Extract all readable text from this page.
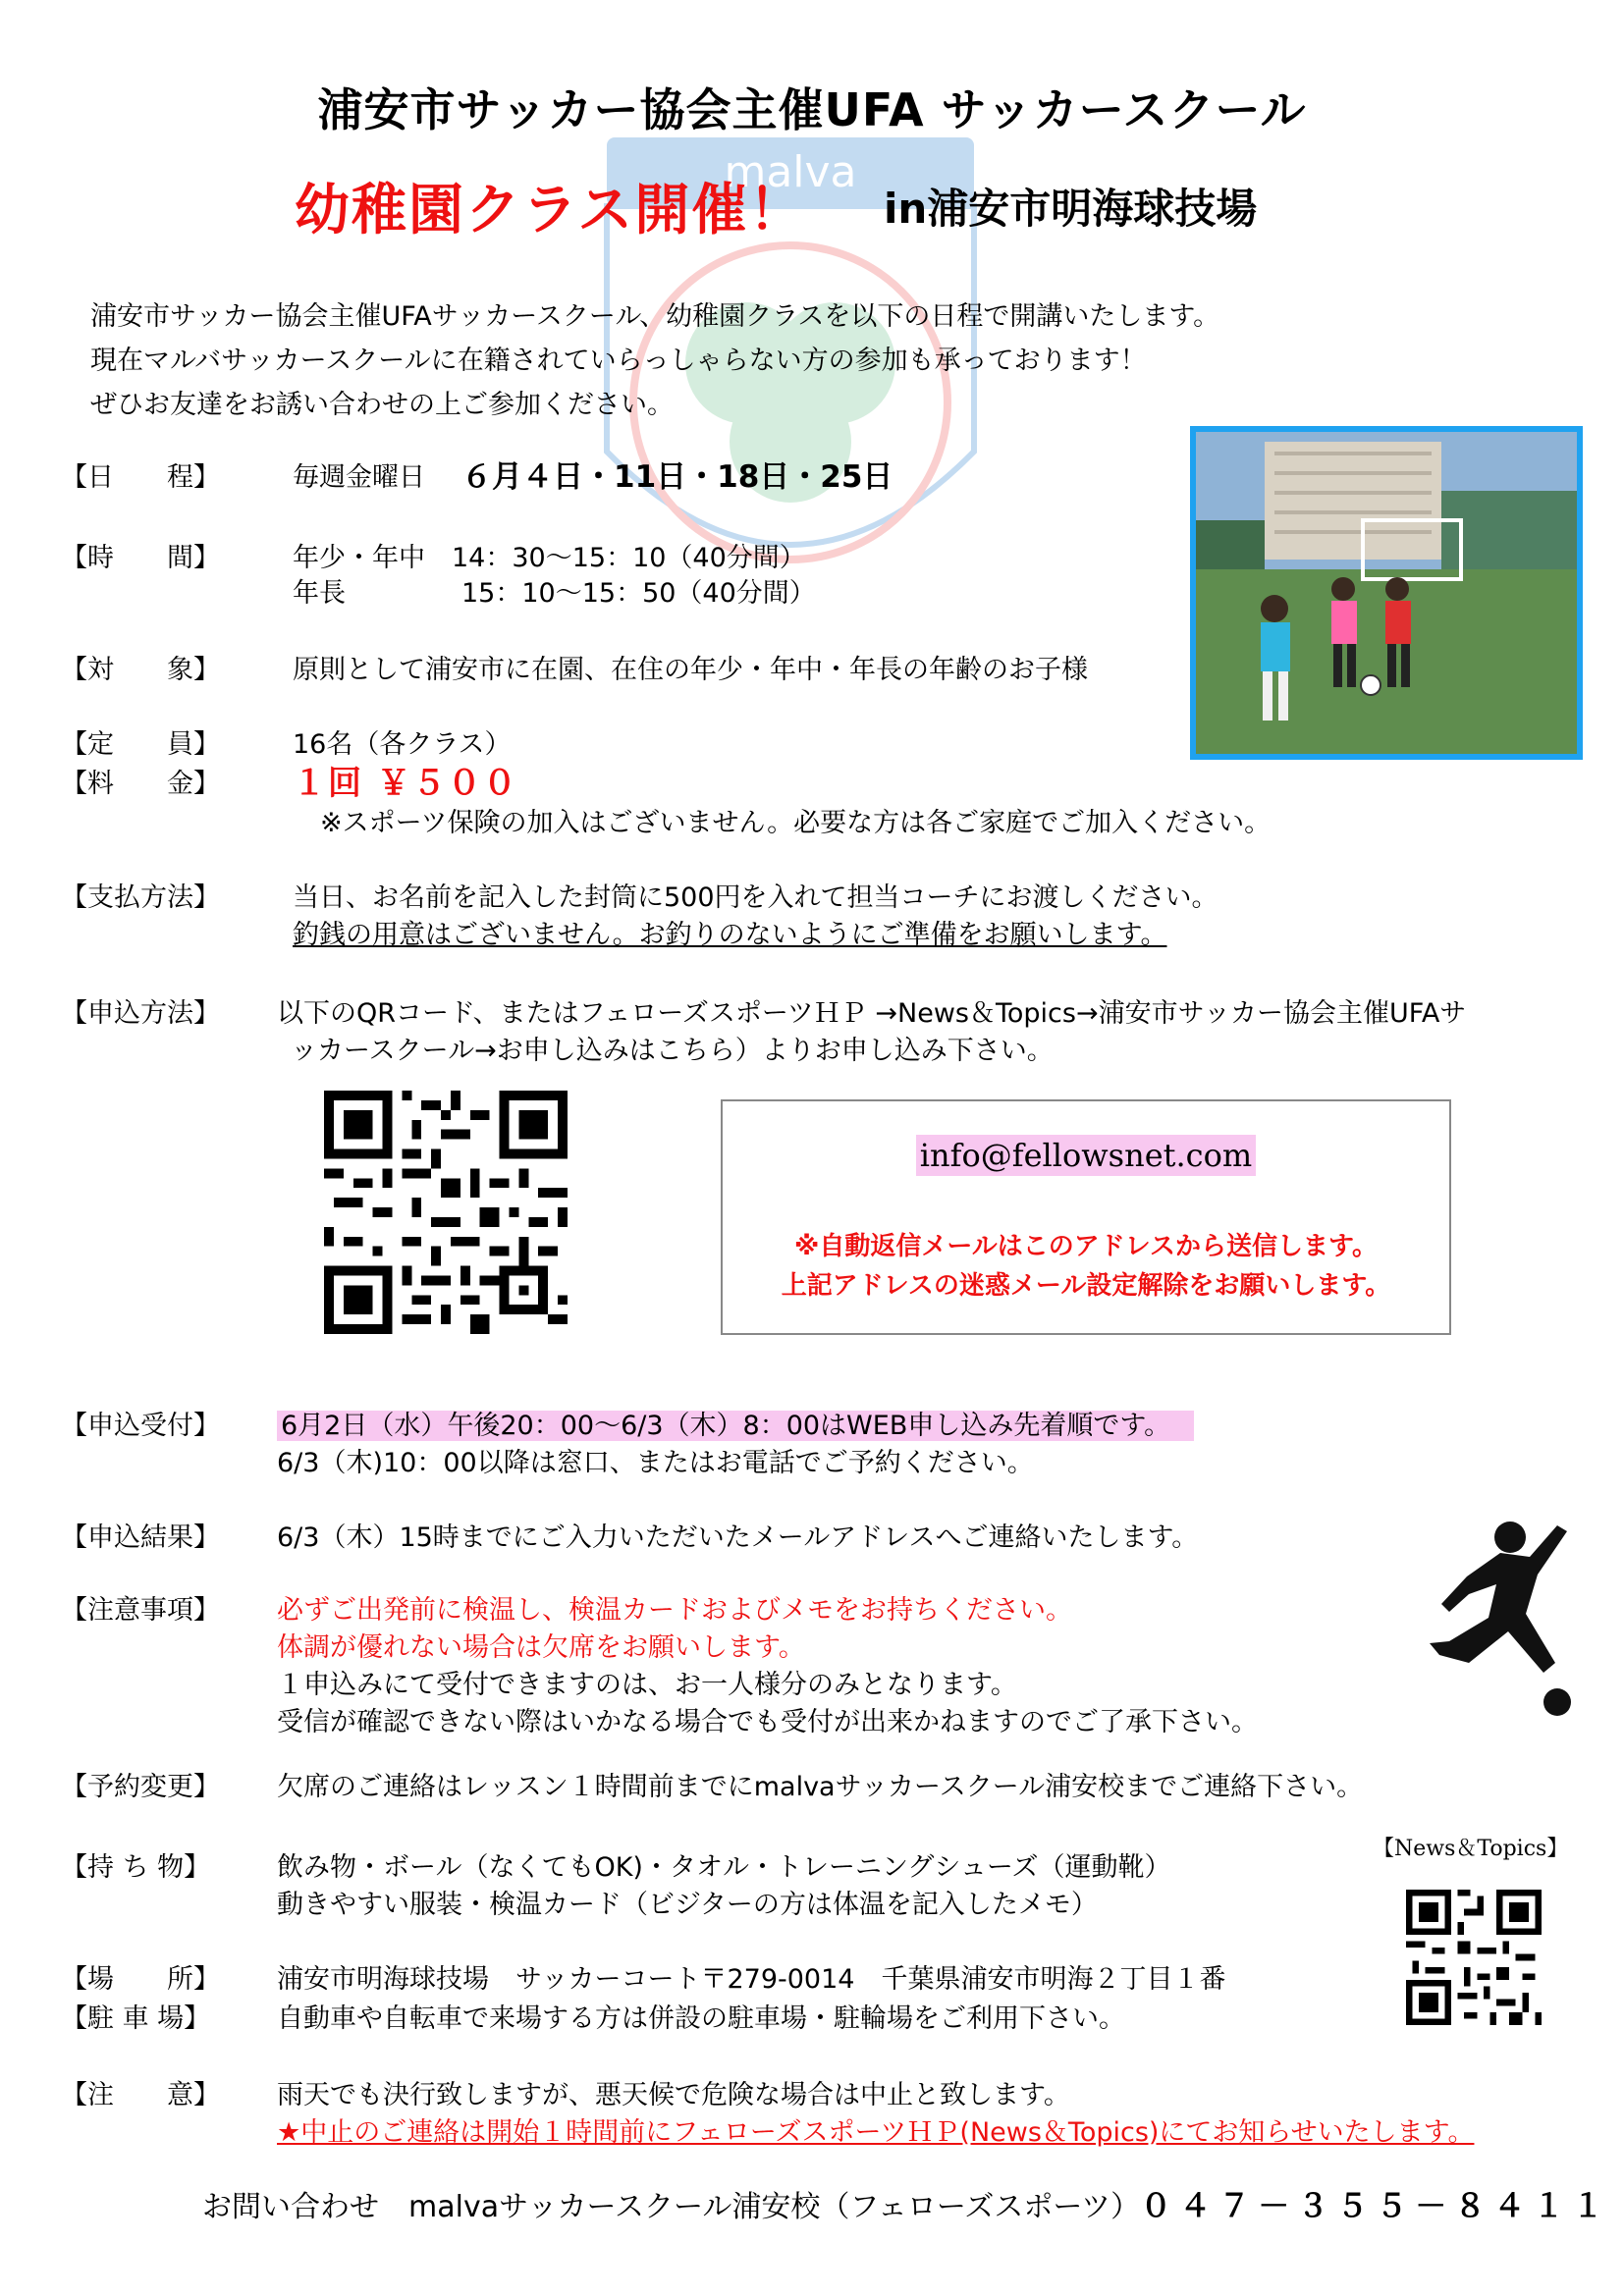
malva
浦安市サッカー協会主催UFA サッカースクール
幼稚園クラス開催！ in浦安市明海球技場
浦安市サッカー協会主催UFAサッカースクール、幼稚園クラスを以下の日程で開講いたします。
現在マルバサッカースクールに在籍されていらっしゃらない方の参加も承っております！
ぜひお友達をお誘い合わせの上ご参加ください。
【日　　程】	毎週金曜日 ６月４日・11日・18日・25日
【時　　間】	年少・年中　14：30～15：10（40分間）
年長	15：10～15：50（40分間）
【対　　象】	原則として浦安市に在園、在住の年少・年中・年長の年齢のお子様
【定　　員】	16名（各クラス）
【料　　金】 １回 ￥５００
※スポーツ保険の加入はございません。必要な方は各ご家庭でご加入ください。
【支払方法】	当日、お名前を記入した封筒に500円を入れて担当コーチにお渡しください。
釣銭の用意はございません。お釣りのないようにご準備をお願いします。
【申込方法】 以下のQRコード、またはフェローズスポーツＨＰ →News＆Topics→浦安市サッカー協会主催UFAサ
ッカースクール→お申し込みはこちら）よりお申し込み下さい。
info@fellowsnet.com
※自動返信メールはこのアドレスから送信します。
上記アドレスの迷惑メール設定解除をお願いします。
【申込受付】 6月2日（水）午後20：00～6/3（木）8：00はWEB申し込み先着順です。
6/3（木)10：00以降は窓口、またはお電話でご予約ください。
【申込結果】 6/3（木）15時までにご入力いただいたメールアドレスへご連絡いたします。
【注意事項】 必ずご出発前に検温し、検温カードおよびメモをお持ちください。
体調が優れない場合は欠席をお願いします。
１申込みにて受付できますのは、お一人様分のみとなります。
受信が確認できない際はいかなる場合でも受付が出来かねますのでご了承下さい。
【予約変更】 欠席のご連絡はレッスン１時間前までにmalvaサッカースクール浦安校までご連絡下さい。
【持 ち 物】	飲み物・ボール（なくてもOK)・タオル・トレーニングシューズ（運動靴）
動きやすい服装・検温カード（ビジターの方は体温を記入したメモ）
【News＆Topics】
【場　　所】 浦安市明海球技場　サッカーコート〒279-0014　千葉県浦安市明海２丁目１番
【駐 車 場】	自動車や自転車で来場する方は併設の駐車場・駐輪場をご利用下さい。
【注　　意】 雨天でも決行致しますが、悪天候で危険な場合は中止と致します。
★中止のご連絡は開始１時間前にフェローズスポーツＨＰ(News＆Topics)にてお知らせいたします。
お問い合わせ　malvaサッカースクール浦安校（フェローズスポーツ）０４７－３５５－８４１１
